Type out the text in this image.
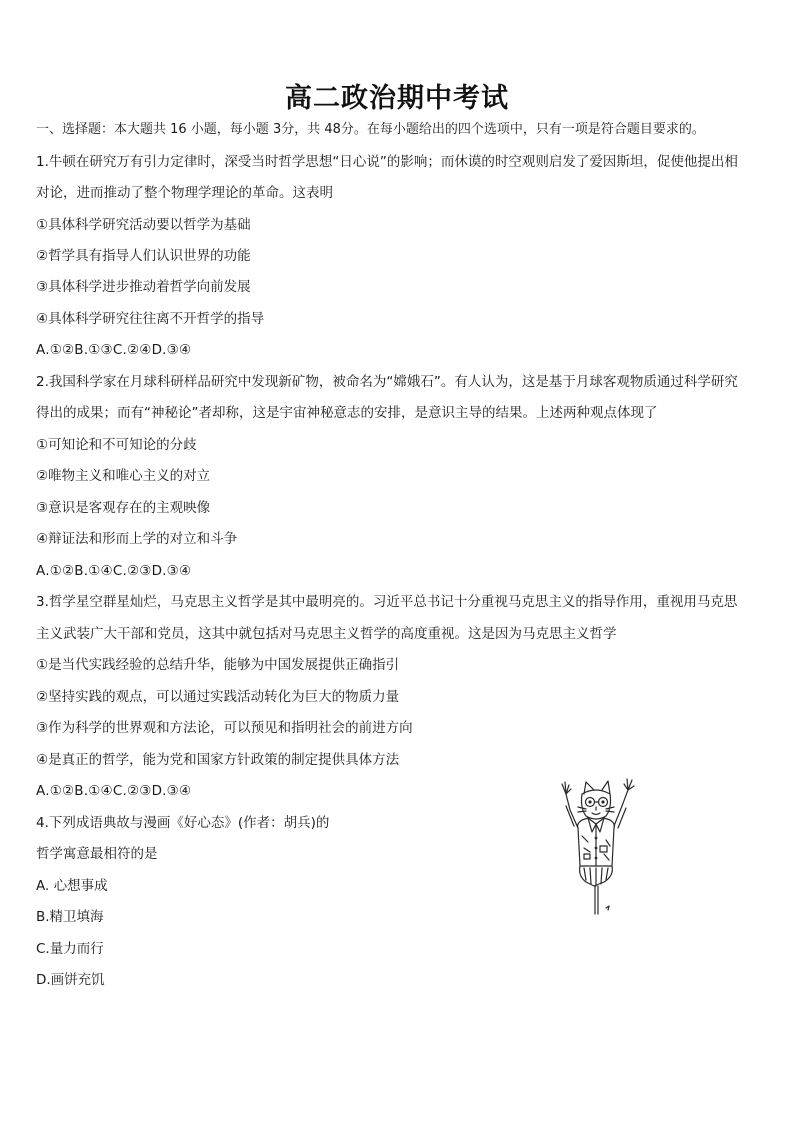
高二政治期中考试
一、选择题：本大题共 16 小题，每小题 3分，共 48分。在每小题给出的四个选项中，只有一项是符合题目要求的。
1.牛顿在研究万有引力定律时，深受当时哲学思想“日心说”的影响；而休谟的时空观则启发了爱因斯坦，促使他提出相
对论，进而推动了整个物理学理论的革命。这表明
①具体科学研究活动要以哲学为基础
②哲学具有指导人们认识世界的功能
③具体科学进步推动着哲学向前发展
④具体科学研究往往离不开哲学的指导
A.①②B.①③C.②④D.③④
2.我国科学家在月球科研样品研究中发现新矿物，被命名为“嫦娥石”。有人认为，这是基于月球客观物质通过科学研究
得出的成果；而有“神秘论”者却称，这是宇宙神秘意志的安排，是意识主导的结果。上述两种观点体现了
①可知论和不可知论的分歧
②唯物主义和唯心主义的对立
③意识是客观存在的主观映像
④辩证法和形而上学的对立和斗争
A.①②B.①④C.②③D.③④
3.哲学星空群星灿烂，马克思主义哲学是其中最明亮的。习近平总书记十分重视马克思主义的指导作用，重视用马克思
主义武装广大干部和党员，这其中就包括对马克思主义哲学的高度重视。这是因为马克思主义哲学
①是当代实践经验的总结升华，能够为中国发展提供正确指引
②坚持实践的观点，可以通过实践活动转化为巨大的物质力量
③作为科学的世界观和方法论，可以预见和指明社会的前进方向
④是真正的哲学，能为党和国家方针政策的制定提供具体方法
A.①②B.①④C.②③D.③④
4.下列成语典故与漫画《好心态》(作者：胡兵)的
哲学寓意最相符的是
A. 心想事成
B.精卫填海
C.量力而行
D.画饼充饥
